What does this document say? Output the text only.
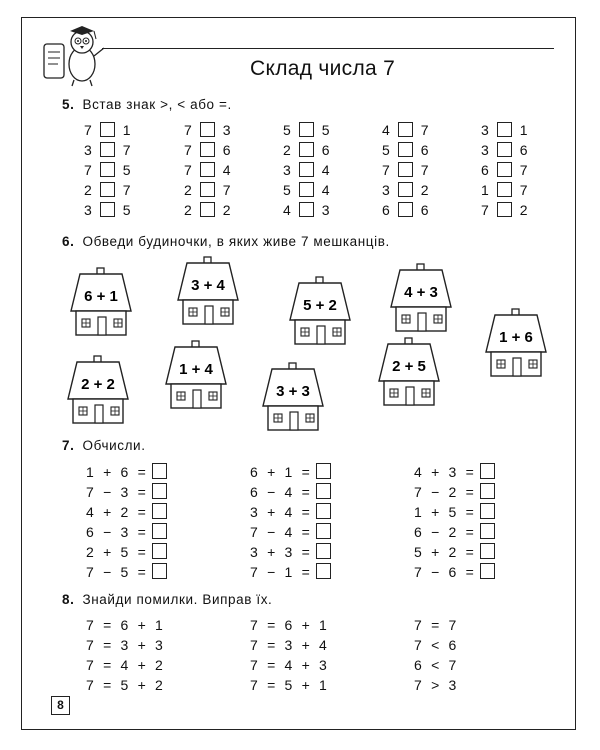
Склад числа 7
5. Встав знак >, < або =.
7 1
3 7
7 5
2 7
3 5
7 3
7 6
7 4
2 7
2 2
5 5
2 6
3 4
5 4
4 3
4 7
5 6
7 7
3 2
6 6
3 1
3 6
6 7
1 7
7 2
6. Обведи будиночки, в яких живе 7 мешканців.
6 + 1
3 + 4
5 + 2
4 + 3
1 + 6
2 + 2
1 + 4
3 + 3
2 + 5
7. Обчисли.
1  +  6  =
7  −  3  =
4  +  2  =
6  −  3  =
2  +  5  =
7  −  5  =
6  +  1  =
6  −  4  =
3  +  4  =
7  −  4  =
3  +  3  =
7  −  1  =
4  +  3  =
7  −  2  =
1  +  5  =
6  −  2  =
5  +  2  =
7  −  6  =
8. Знайди помилки. Виправ їх.
7  =  6  +  1
7  =  3  +  3
7  =  4  +  2
7  =  5  +  2
7  =  6  +  1
7  =  3  +  4
7  =  4  +  3
7  =  5  +  1
7  =  7
7  <  6
6  <  7
7  >  3
8
